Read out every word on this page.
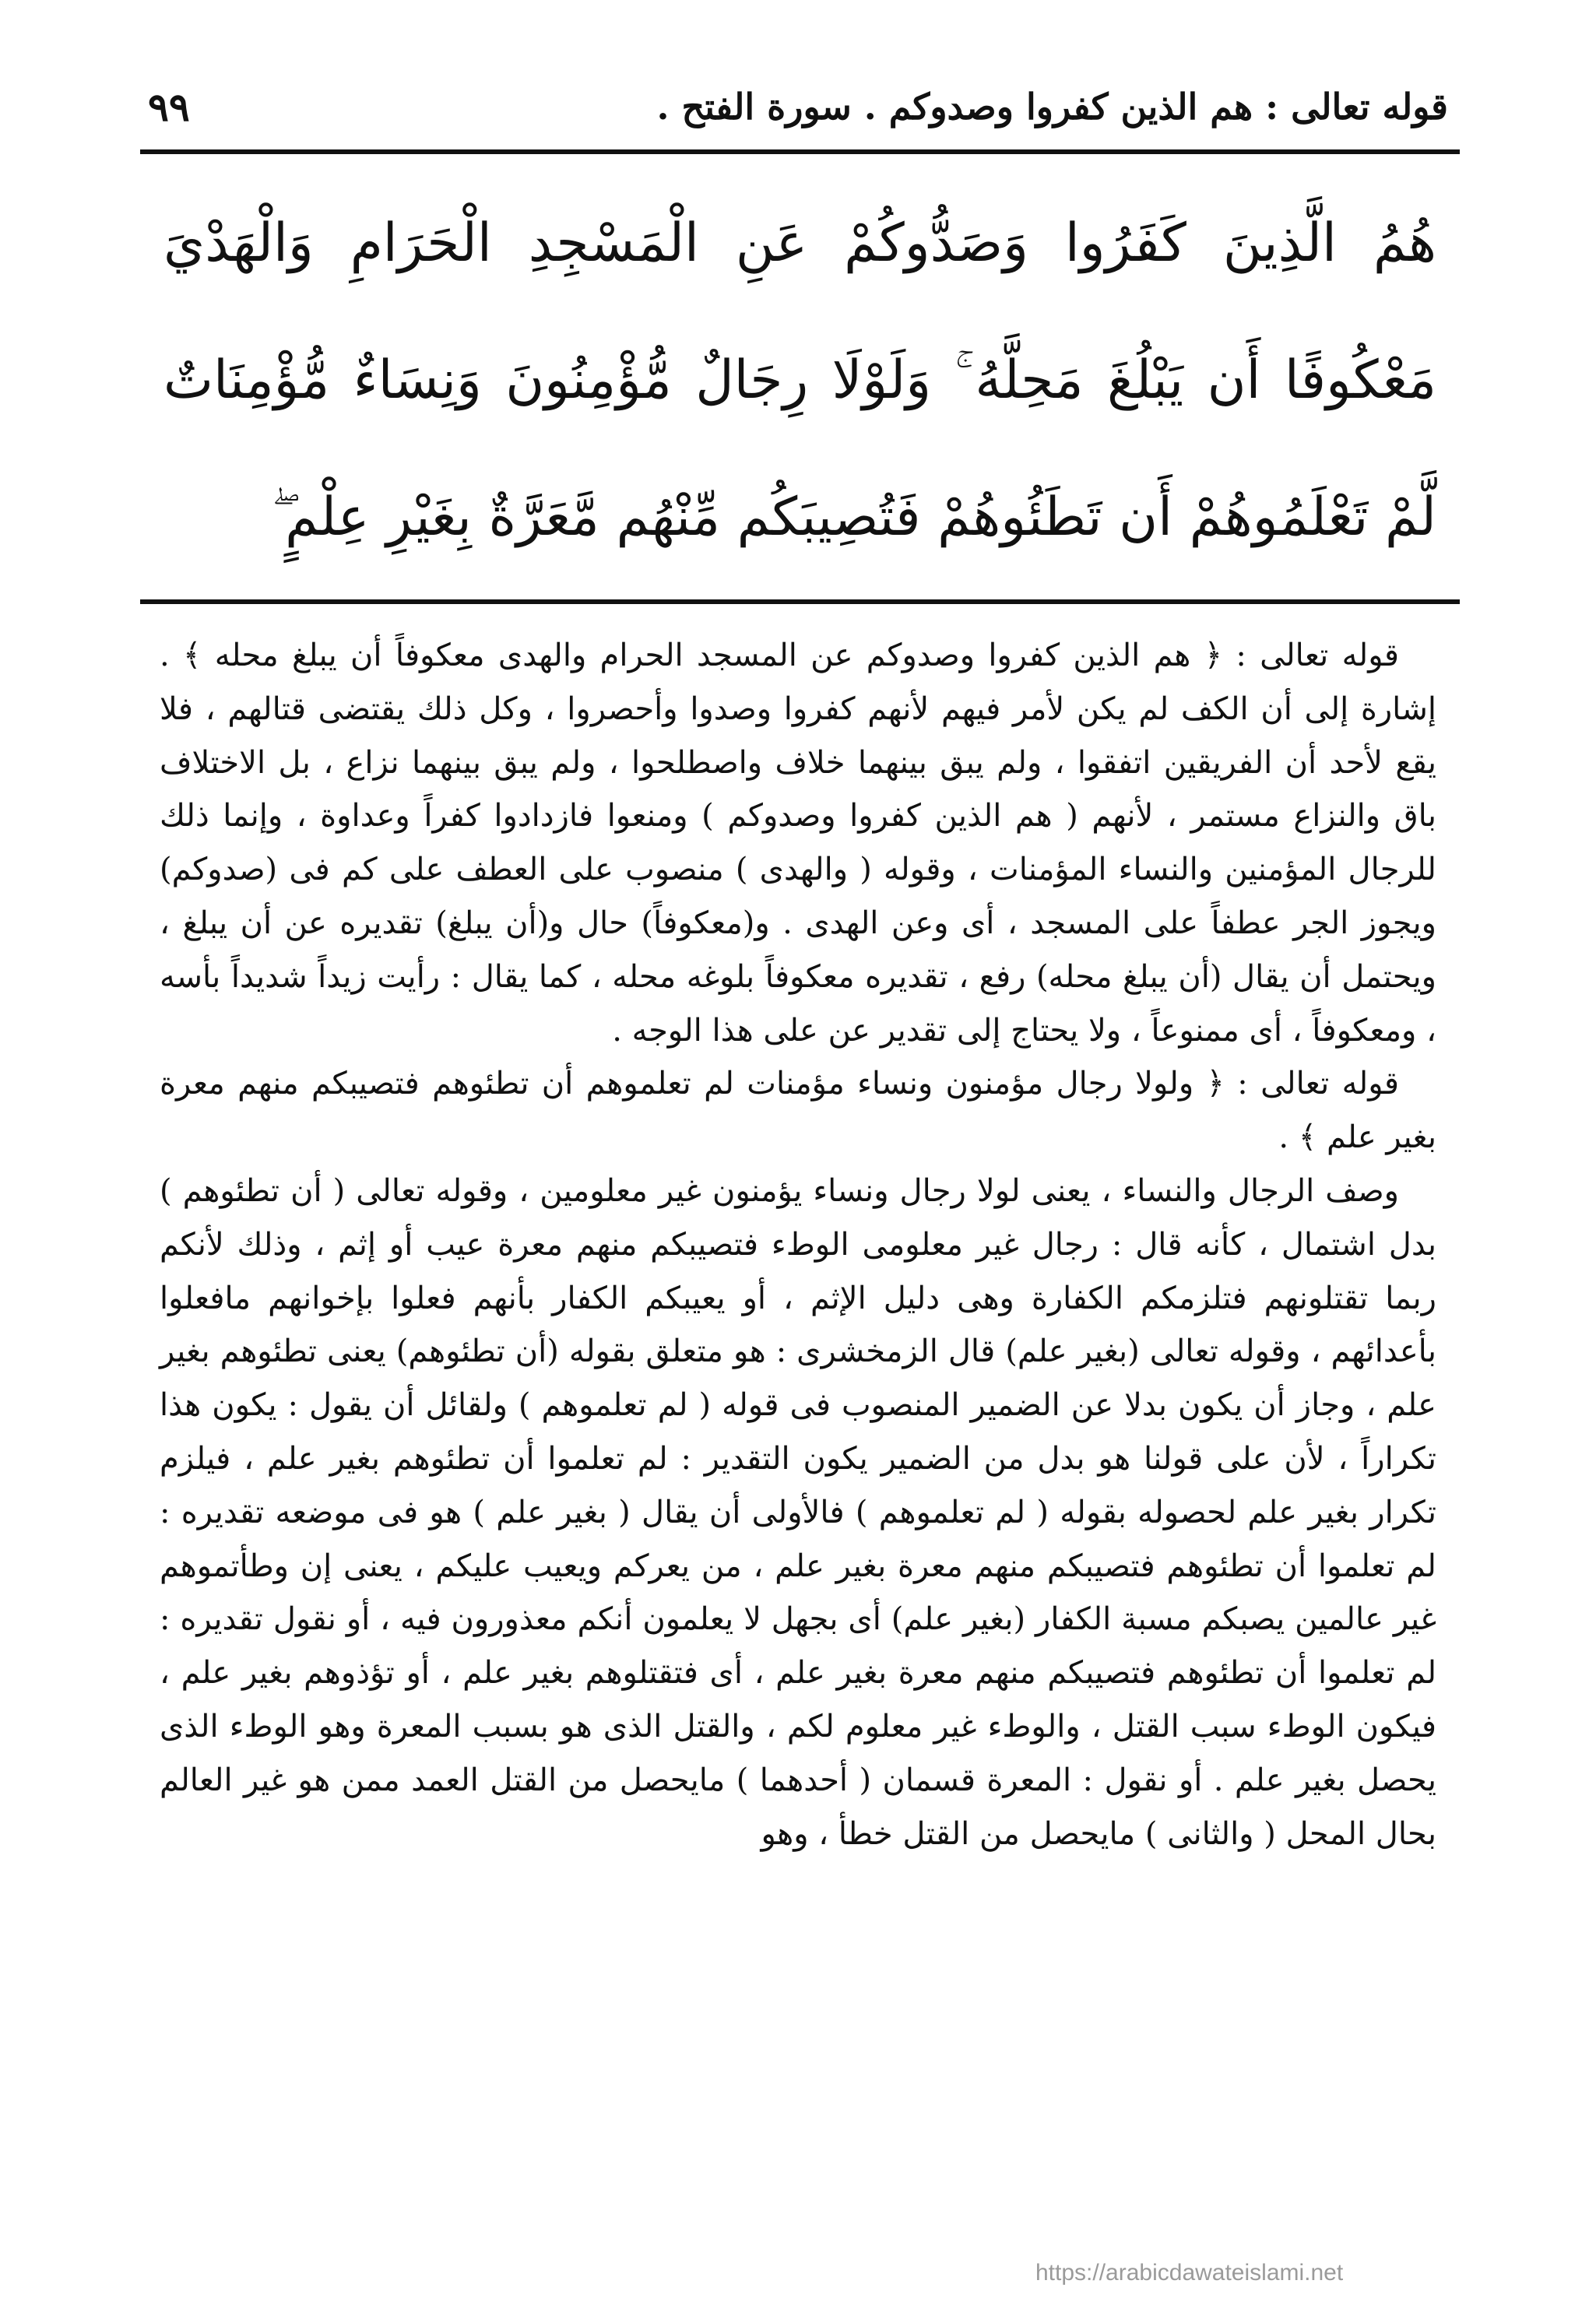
قوله تعالى : هم الذين كفروا وصدوكم . سورة الفتح .
٩٩
هُمُ الَّذِينَ كَفَرُوا وَصَدُّوكُمْ عَنِ الْمَسْجِدِ الْحَرَامِ وَالْهَدْيَ مَعْكُوفًا أَن يَبْلُغَ مَحِلَّهُ ۚ وَلَوْلَا رِجَالٌ مُّؤْمِنُونَ وَنِسَاءٌ مُّؤْمِنَاتٌ لَّمْ تَعْلَمُوهُمْ أَن تَطَئُوهُمْ فَتُصِيبَكُم مِّنْهُم مَّعَرَّةٌ بِغَيْرِ عِلْمٍ ۖ

قوله تعالى : ﴿ هم الذين كفروا وصدوكم عن المسجد الحرام والهدى معكوفاً أن يبلغ محله ﴾ . إشارة إلى أن الكف لم يكن لأمر فيهم لأنهم كفروا وصدوا وأحصروا ، وكل ذلك يقتضى قتالهم ، فلا يقع لأحد أن الفريقين اتفقوا ، ولم يبق بينهما خلاف واصطلحوا ، ولم يبق بينهما نزاع ، بل الاختلاف باق والنزاع مستمر ، لأنهم ( هم الذين كفروا وصدوكم ) ومنعوا فازدادوا كفراً وعداوة ، وإنما ذلك للرجال المؤمنين والنساء المؤمنات ، وقوله ( والهدى ) منصوب على العطف على كم فى (صدوكم) ويجوز الجر عطفاً على المسجد ، أى وعن الهدى . و(معكوفاً) حال و(أن يبلغ) تقديره عن أن يبلغ ، ويحتمل أن يقال (أن يبلغ محله) رفع ، تقديره معكوفاً بلوغه محله ، كما يقال : رأيت زيداً شديداً بأسه ، ومعكوفاً ، أى ممنوعاً ، ولا يحتاج إلى تقدير عن على هذا الوجه .

قوله تعالى : ﴿ ولولا رجال مؤمنون ونساء مؤمنات لم تعلموهم أن تطئوهم فتصيبكم منهم معرة بغير علم ﴾ .

وصف الرجال والنساء ، يعنى لولا رجال ونساء يؤمنون غير معلومين ، وقوله تعالى ( أن تطئوهم ) بدل اشتمال ، كأنه قال : رجال غير معلومى الوطء فتصيبكم منهم معرة عيب أو إثم ، وذلك لأنكم ربما تقتلونهم فتلزمكم الكفارة وهى دليل الإثم ، أو يعيبكم الكفار بأنهم فعلوا بإخوانهم مافعلوا بأعدائهم ، وقوله تعالى (بغير علم) قال الزمخشرى : هو متعلق بقوله (أن تطئوهم) يعنى تطئوهم بغير علم ، وجاز أن يكون بدلا عن الضمير المنصوب فى قوله ( لم تعلموهم ) ولقائل أن يقول : يكون هذا تكراراً ، لأن على قولنا هو بدل من الضمير يكون التقدير : لم تعلموا أن تطئوهم بغير علم ، فيلزم تكرار بغير علم لحصوله بقوله ( لم تعلموهم ) فالأولى أن يقال ( بغير علم ) هو فى موضعه تقديره : لم تعلموا أن تطئوهم فتصيبكم منهم معرة بغير علم ، من يعركم ويعيب عليكم ، يعنى إن وطأتموهم غير عالمين يصبكم مسبة الكفار (بغير علم) أى بجهل لا يعلمون أنكم معذورون فيه ، أو نقول تقديره : لم تعلموا أن تطئوهم فتصيبكم منهم معرة بغير علم ، أى فتقتلوهم بغير علم ، أو تؤذوهم بغير علم ، فيكون الوطء سبب القتل ، والوطء غير معلوم لكم ، والقتل الذى هو بسبب المعرة وهو الوطء الذى يحصل بغير علم . أو نقول : المعرة قسمان ( أحدهما ) مايحصل من القتل العمد ممن هو غير العالم بحال المحل ( والثانى ) مايحصل من القتل خطأ ، وهو

https://arabicdawateislami.net
